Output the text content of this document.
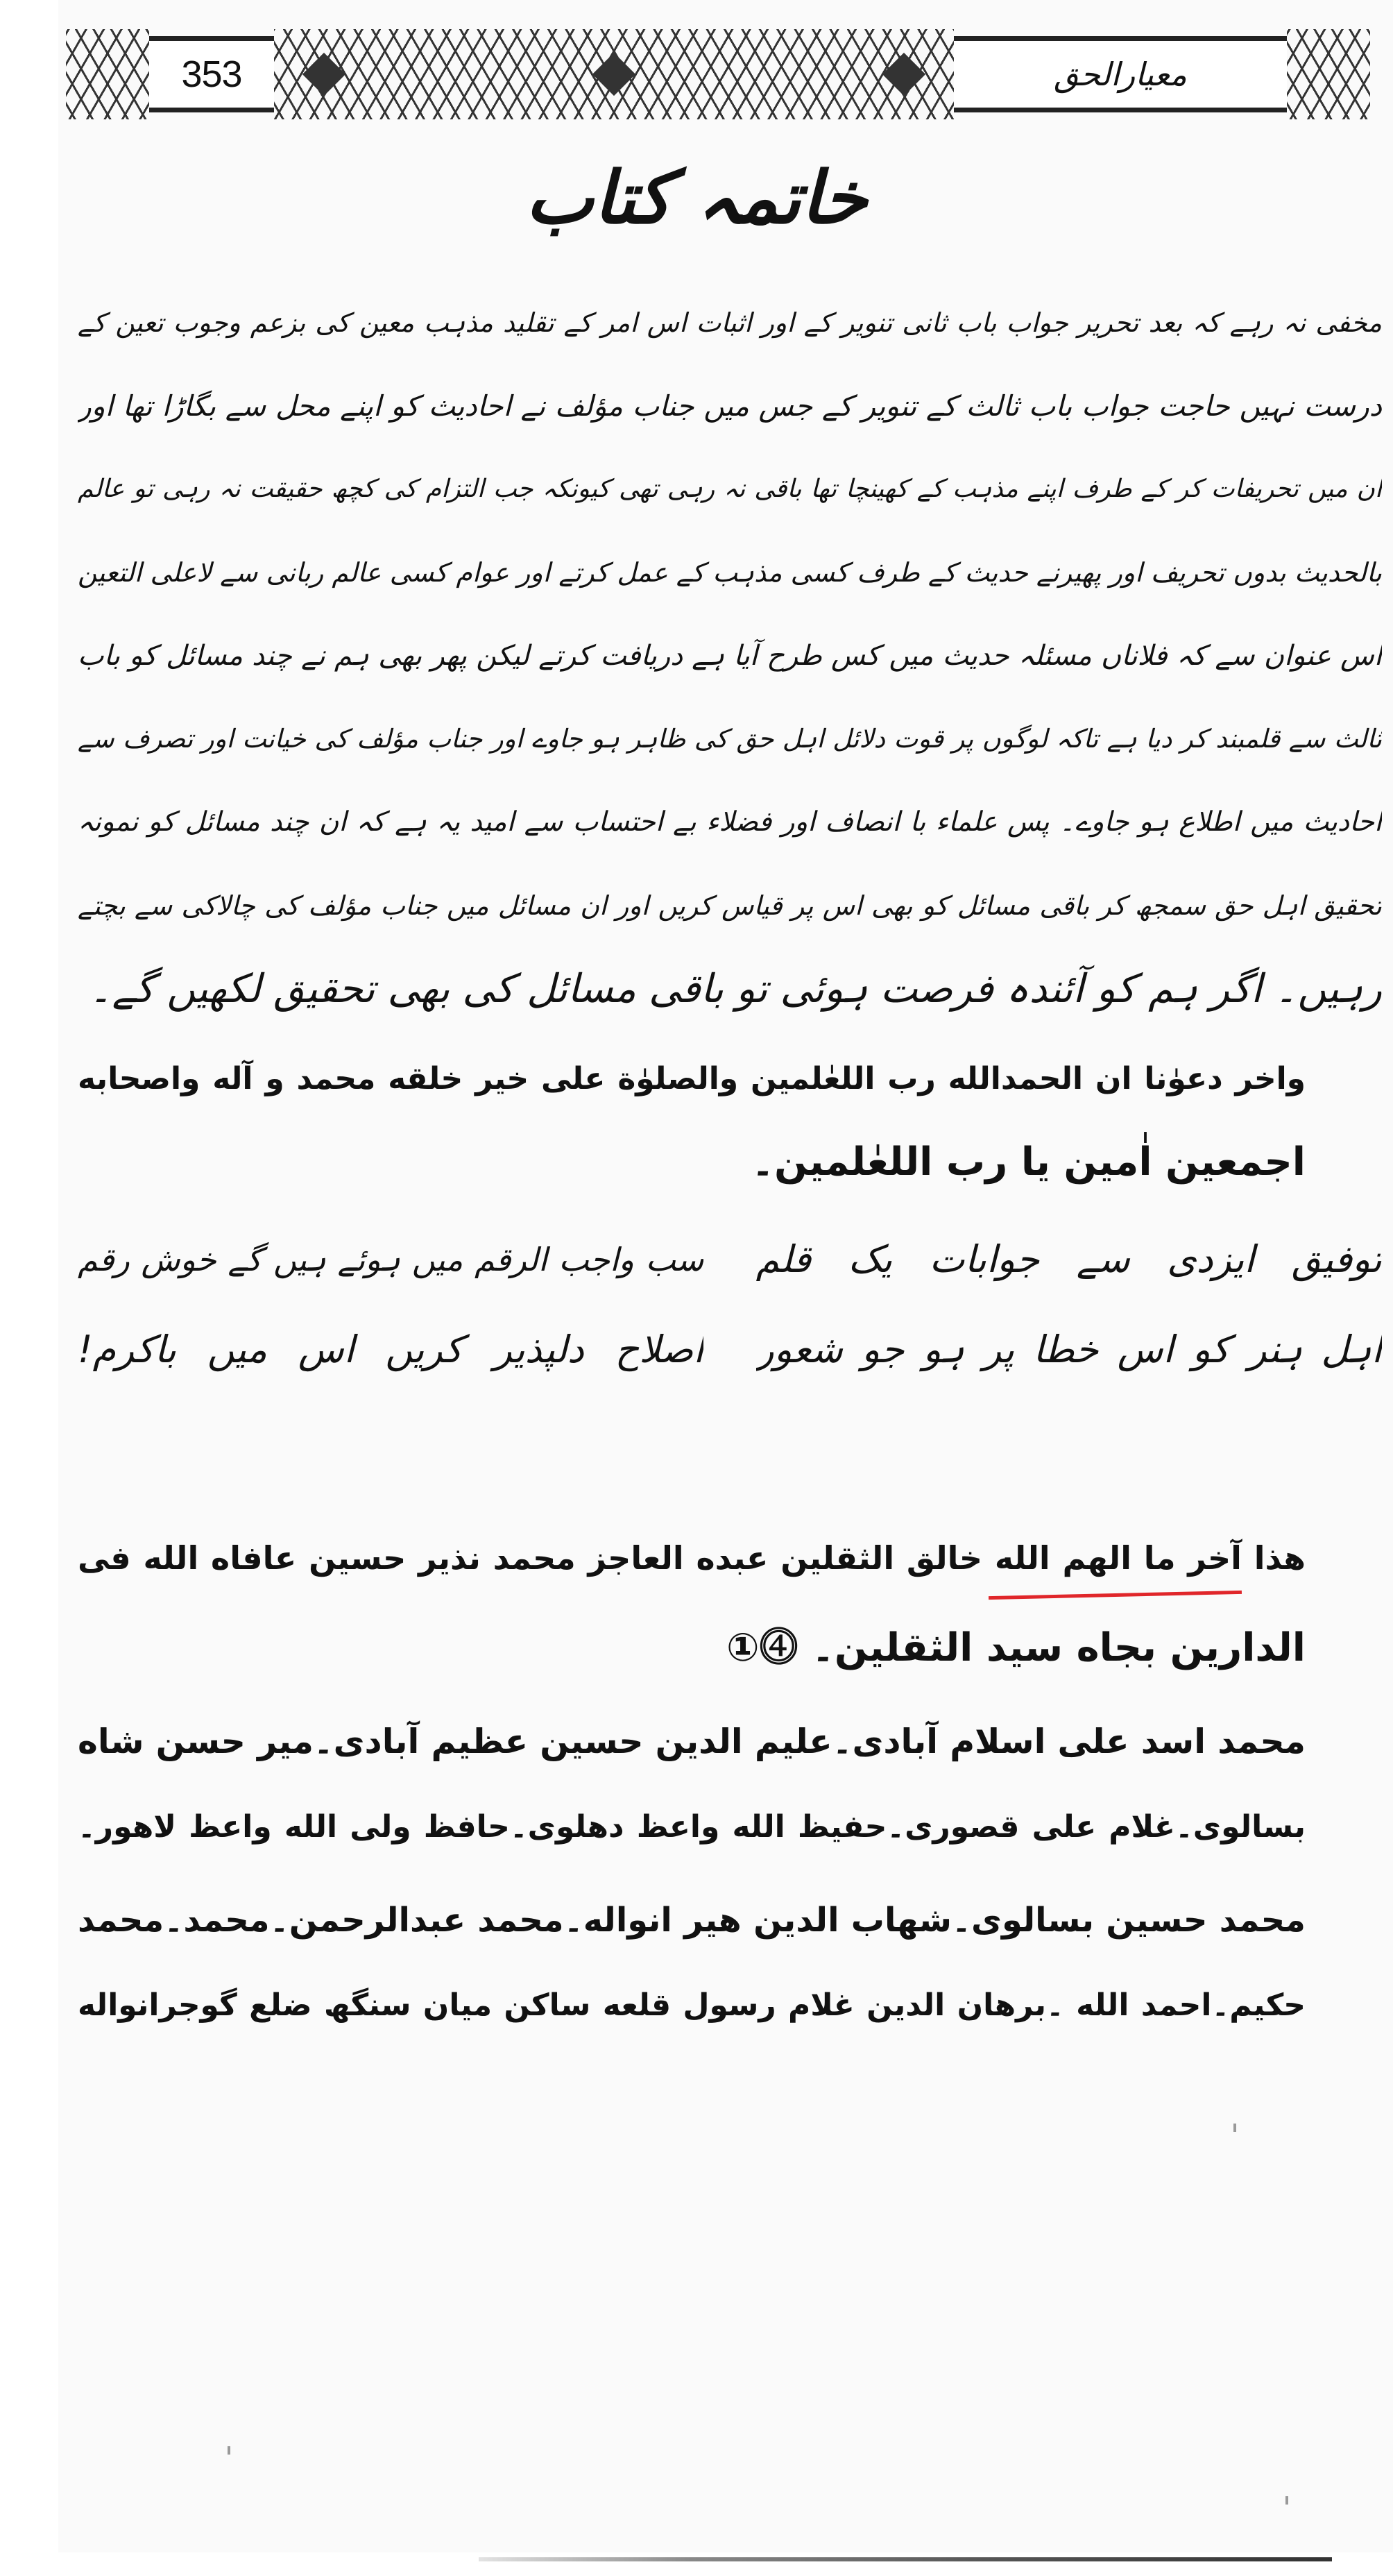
353	معیارالحق
خاتمہ کتاب
مخفی نہ رہے کہ بعد تحریر جواب باب ثانی تنویر کے اور اثبات اس امر کے تقلید مذہب معین کی بزعم وجوب تعین کے
درست نہیں حاجت جواب باب ثالث کے تنویر کے جس میں جناب مؤلف نے احادیث کو اپنے محل سے بگاڑا تھا اور
ان میں تحریفات کر کے طرف اپنے مذہب کے کھینچا تھا باقی نہ رہی تھی کیونکہ جب التزام کی کچھ حقیقت نہ رہی تو عالم
بالحدیث بدوں تحریف اور پھیرنے حدیث کے طرف کسی مذہب کے عمل کرتے اور عوام کسی عالم ربانی سے لاعلی التعین
اس عنوان سے کہ فلاناں مسئلہ حدیث میں کس طرح آیا ہے دریافت کرتے لیکن پھر بھی ہم نے چند مسائل کو باب
ثالث سے قلمبند کر دیا ہے تاکہ لوگوں پر قوت دلائل اہل حق کی ظاہر ہو جاوے اور جناب مؤلف کی خیانت اور تصرف سے
احادیث میں اطلاع ہو جاوے۔ پس علماء با انصاف اور فضلاء بے احتساب سے امید یہ ہے کہ ان چند مسائل کو نمونہ
تحقیق اہل حق سمجھ کر باقی مسائل کو بھی اس پر قیاس کریں اور ان مسائل میں جناب مؤلف کی چالاکی سے بچتے
رہیں۔ اگر ہم کو آئندہ فرصت ہوئی تو باقی مسائل کی بھی تحقیق لکھیں گے۔
واخر دعوٰنا ان الحمدالله رب اللعٰلمین والصلوٰة علی خیر خلقه محمد و آله واصحابه
اجمعین اٰمین یا رب اللعٰلمین۔
توفیق ایزدی سے جوابات یک قلم
سب واجب الرقم میں ہوئے ہیں گے خوش رقم
اہل ہنر کو اس خطا پر ہو جو شعور
اصلاح دلپذیر کریں اس میں باکرم!
هذا آخر ما الهم الله خالق الثقلين عبده العاجز محمد نذير حسين عافاه الله فى
الدارين بجاه سيد الثقلين۔ ⓸①
محمد اسد على اسلام آبادى۔عليم الدين حسين عظيم آبادى۔مير حسن شاه
بسالوى۔غلام على قصورى۔حفيظ الله واعظ دهلوى۔حافظ ولى الله واعظ لاهور۔
محمد حسين بسالوى۔شهاب الدين هير انواله۔محمد عبدالرحمن۔محمد۔محمد
حكيم۔احمد الله ۔برهان الدين غلام رسول قلعه ساكن ميان سنگھ ضلع گوجرانواله
